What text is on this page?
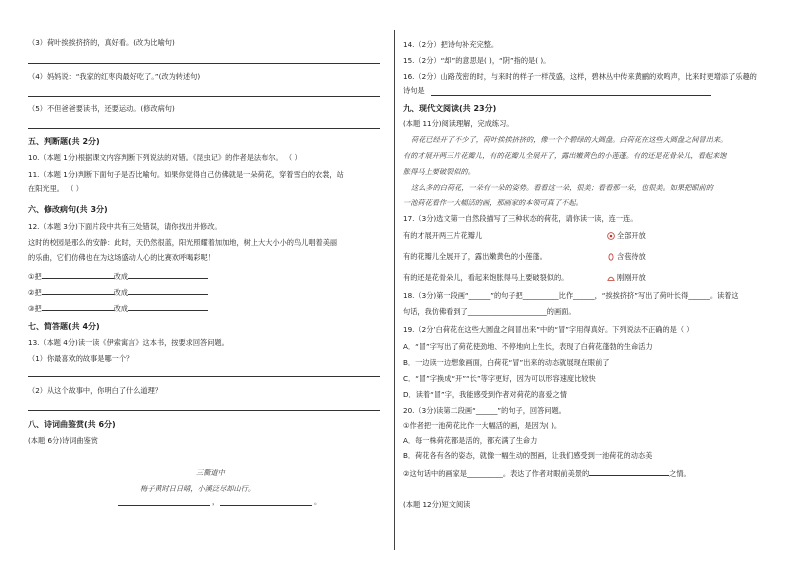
（3）荷叶挨挨挤挤的，真好看。(改为比喻句)
（4）妈妈说：“我家的红枣肉最好吃了。”(改为转述句)
（5）不但爸爸要读书，还要运动。(修改病句)
五、判断题(共 2分)
10.（本题 1分)根据课文内容判断下列说法的对错。《昆虫记》的作者是法布尔。 （ ）
11.（本题 1分)判断下面句子是否比喻句。如果你觉得自己仿佛就是一朵荷花，穿着雪白的衣裳，站
在阳光里。 （ ）
六、修改病句(共 3分)
12.（本题 3分)下面片段中共有三处错误，请你找出并修改。
这时的校园是那么的安静：此时，天仍然很蓝，阳光照耀着加加地，树上大大小小的鸟儿唱着美丽
的乐曲，它们仿佛也在为这场盛动人心的比赛欢呼喝彩呢！
①把	改成
②把	改成
③把	改成
七、简答题(共 4分)
13.（本题 4分)读一读《伊索寓言》这本书，按要求回答问题。
（1）你最喜欢的故事是哪一个？
（2）从这个故事中，你明白了什么道理？
八、诗词曲鉴赏(共 6分)
(本题 6分)诗词曲鉴赏
三衢道中
梅子黄时日日晴，小溪泛尽却山行。
，	。
14.（2分）把诗句补充完整。
15.（2分）“却”的意思是( )，“阴”指的是( )。
16.（2分）山路茂密的时，与来时的样子一样茂盛，这样，碧林丛中传来黄鹂的欢鸣声，比来时更增添了乐趣的
诗句是
九、现代文阅读(共 23分)
(本题 11分)阅读理解，完成练习。
荷花已经开了不少了，荷叶挨挨挤挤的，像一个个碧绿的大圆盘。白荷花在这些大圆盘之间冒出来。
有的才展开两三片花瓣儿，有的花瓣儿全展开了，露出嫩黄色的小莲蓬。有的还是花骨朵儿，看起来饱
胀得马上要破裂似的。
这么多的白荷花，一朵有一朵的姿势。看看这一朵，很美；看看那一朵，也很美。如果把眼前的
一池荷花看作一大幅活的画，那画家的本领可真了不起。
17.（3分)选文第一自然段描写了三种状态的荷花，请你读一读，连一连。
有的才展开两三片花瓣儿
有的花瓣儿全展开了，露出嫩黄色的小莲蓬。
有的还是花骨朵儿，看起来饱胀得马上要破裂似的。
全部开放
含苞待放
刚刚开放
18.（3分)第一段画“______”的句子把__________比作______，“挨挨挤挤”写出了荷叶长得______。读着这
句话，我仿佛看到了______________________的画面。
19.（2分’白荷花在这些大圆盘之间冒出来”中的“冒”字用得真好。下列说法不正确的是（ ）
A．“冒”字写出了荷花使劲地、不停地向上生长，表现了白荷花蓬勃的生命活力
B．一边读一边想象画面，白荷花“冒”出来的动态就展现在眼前了
C．“冒”字换成“开”“长”等字更好，因为可以形容速度比较快
D．读着“冒”字，我能感受到作者对荷花的喜爱之情
20.（3分)读第二段画“______”的句子，回答问题。
①作者把一池荷花比作一大幅活的画，是因为( )。
A．每一株荷花都是活的，都充满了生命力
B．荷花各有各的姿态，就像一幅生动的图画，让我们感受到一池荷花的动态美
②这句话中的画家是__________。表达了作者对眼前美景的	之情。
(本题 12分)短文阅读
